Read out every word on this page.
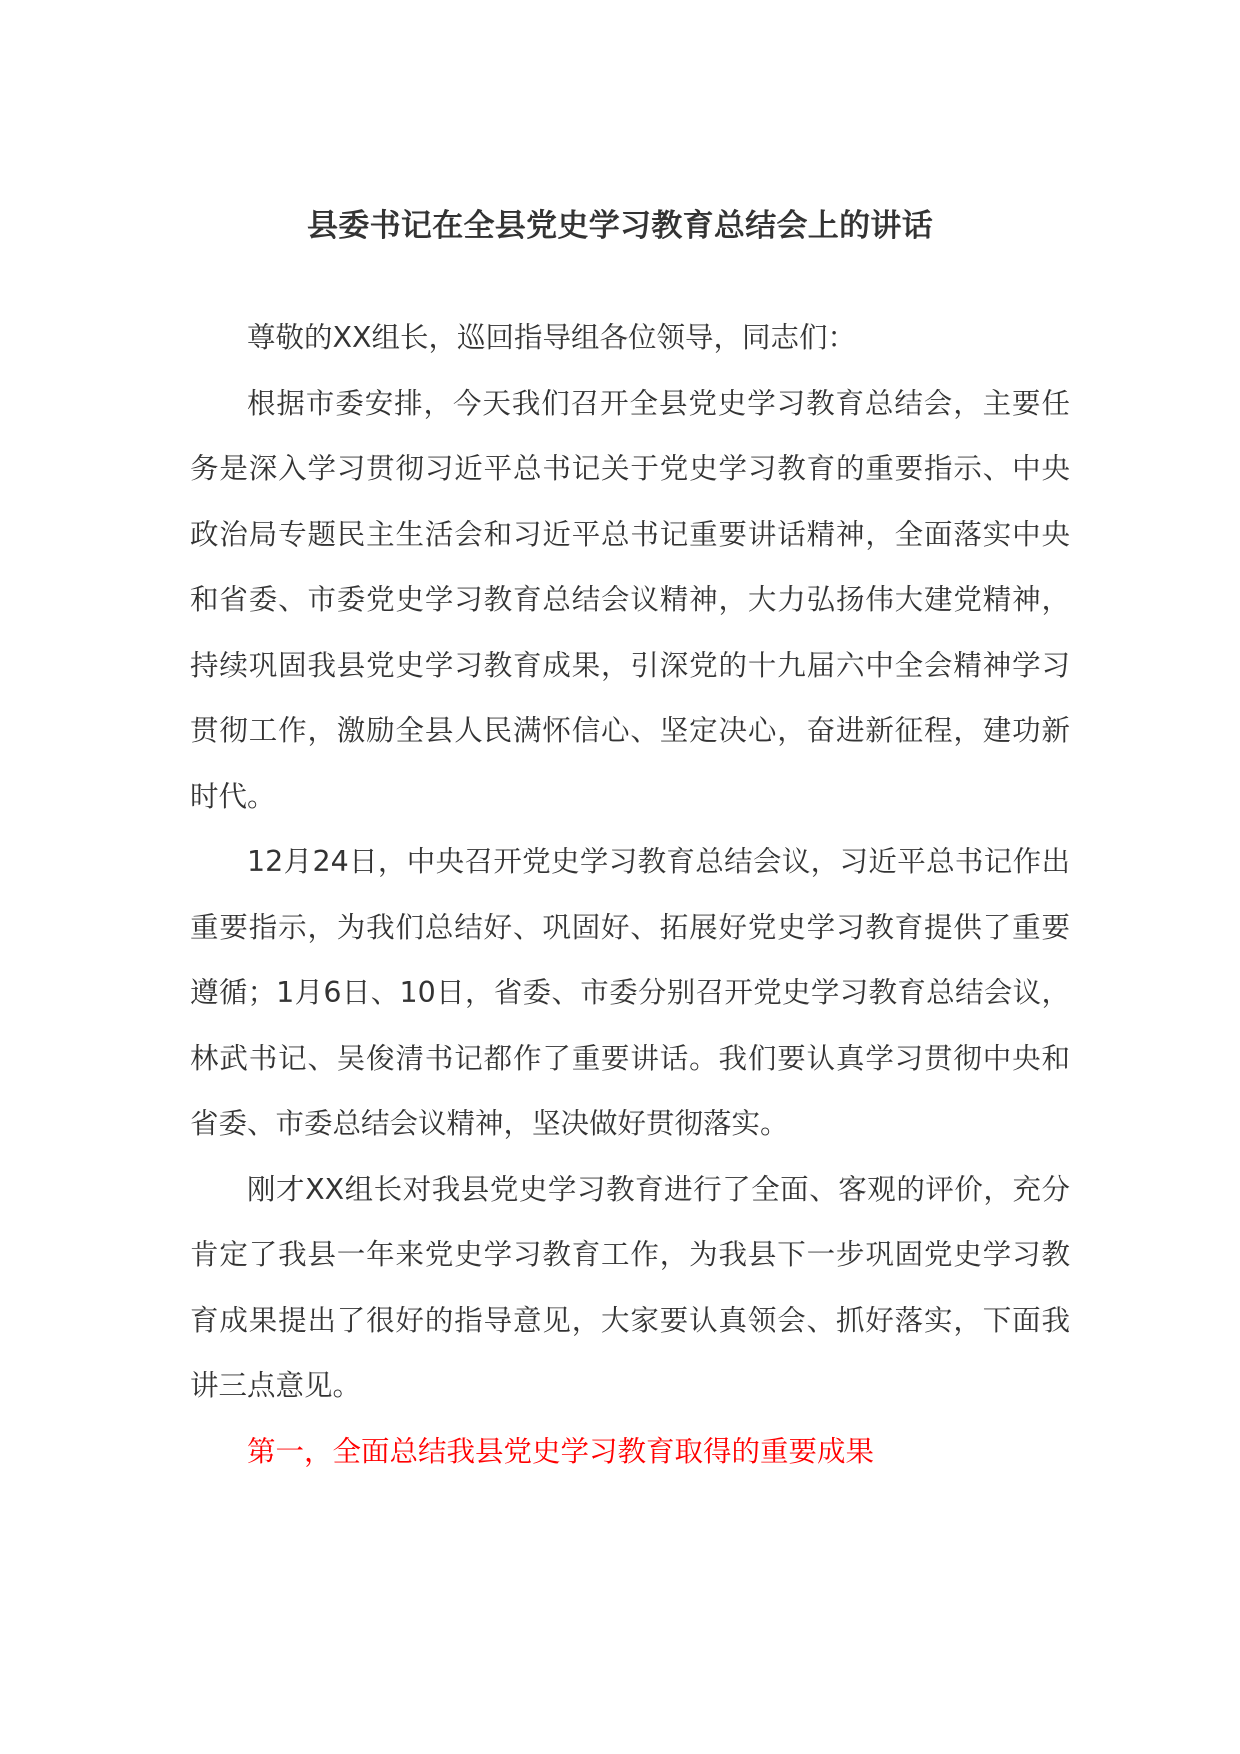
县委书记在全县党史学习教育总结会上的讲话

尊敬的XX组长，巡回指导组各位领导，同志们：

根据市委安排，今天我们召开全县党史学习教育总结会，主要任务是深入学习贯彻习近平总书记关于党史学习教育的重要指示、中央政治局专题民主生活会和习近平总书记重要讲话精神，全面落实中央和省委、市委党史学习教育总结会议精神，大力弘扬伟大建党精神，持续巩固我县党史学习教育成果，引深党的十九届六中全会精神学习贯彻工作，激励全县人民满怀信心、坚定决心，奋进新征程，建功新时代。

12月24日，中央召开党史学习教育总结会议，习近平总书记作出重要指示，为我们总结好、巩固好、拓展好党史学习教育提供了重要遵循；1月6日、10日，省委、市委分别召开党史学习教育总结会议，林武书记、吴俊清书记都作了重要讲话。我们要认真学习贯彻中央和省委、市委总结会议精神，坚决做好贯彻落实。

刚才XX组长对我县党史学习教育进行了全面、客观的评价，充分肯定了我县一年来党史学习教育工作，为我县下一步巩固党史学习教育成果提出了很好的指导意见，大家要认真领会、抓好落实，下面我讲三点意见。

第一，全面总结我县党史学习教育取得的重要成果
